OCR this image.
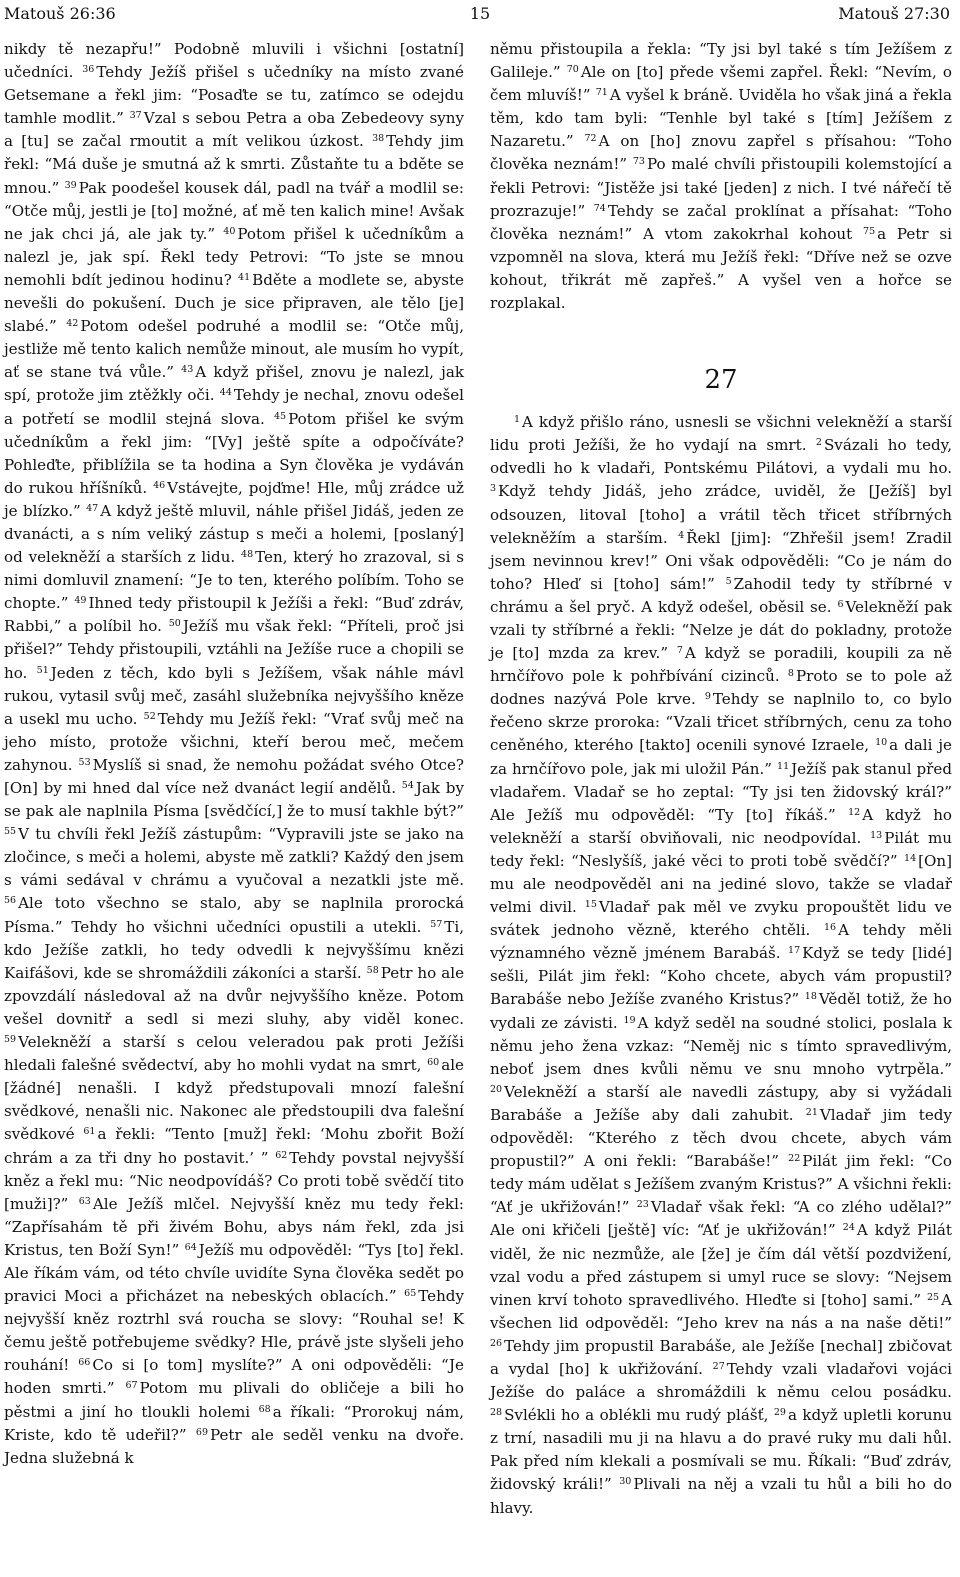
Matouš 26:36	15	Matouš 27:30

nikdy tě nezapřu!” Podobně mluvili i všichni [ostatní] učedníci. $^{36}$ Tehdy Ježíš přišel s učedníky na místo zvané Getsemane a řekl jim: “Posaďte se tu, zatímco se odejdu tamhle modlit.” $^{37}$ Vzal s sebou Petra a oba Zebedeovy syny a [tu] se začal rmoutit a mít velikou úzkost. $^{38}$ Tehdy jim řekl: “Má duše je smutná až k smrti. Zůstaňte tu a bděte se mnou.” $^{39}$ Pak poodešel kousek dál, padl na tvář a modlil se: “Otče můj, jestli je [to] možné, ať mě ten kalich mine! Avšak ne jak chci já, ale jak ty.” $^{40}$ Potom přišel k učedníkům a nalezl je, jak spí. Řekl tedy Petrovi: “To jste se mnou nemohli bdít jedinou hodinu? $^{41}$ Bděte a modlete se, abyste nevešli do pokušení. Duch je sice připraven, ale tělo [je] slabé.” $^{42}$ Potom odešel podruhé a modlil se: “Otče můj, jestliže mě tento kalich nemůže minout, ale musím ho vypít, ať se stane tvá vůle.” $^{43}$ A když přišel, znovu je nalezl, jak spí, protože jim ztěžkly oči. $^{44}$ Tehdy je nechal, znovu odešel a potřetí se modlil stejná slova. $^{45}$ Potom přišel ke svým učedníkům a řekl jim: “[Vy] ještě spíte a odpočíváte? Pohleďte, přiblížila se ta hodina a Syn člověka je vydáván do rukou hříšníků. $^{46}$ Vstávejte, pojďme! Hle, můj zrádce už je blízko.” $^{47}$ A když ještě mluvil, náhle přišel Jidáš, jeden ze dvanácti, a s ním veliký zástup s meči a holemi, [poslaný] od velekněží a starších z lidu. $^{48}$ Ten, který ho zrazoval, si s nimi domluvil znamení: “Je to ten, kterého políbím. Toho se chopte.” $^{49}$ Ihned tedy přistoupil k Ježíši a řekl: “Buď zdráv, Rabbi,” a políbil ho. $^{50}$ Ježíš mu však řekl: “Příteli, proč jsi přišel?” Tehdy přistoupili, vztáhli na Ježíše ruce a chopili se ho. $^{51}$ Jeden z těch, kdo byli s Ježíšem, však náhle mávl rukou, vytasil svůj meč, zasáhl služebníka nejvyššího kněze a usekl mu ucho. $^{52}$ Tehdy mu Ježíš řekl: “Vrať svůj meč na jeho místo, protože všichni, kteří berou meč, mečem zahynou. $^{53}$ Myslíš si snad, že nemohu požádat svého Otce? [On] by mi hned dal více než dvanáct legií andělů. $^{54}$ Jak by se pak ale naplnila Písma [svědčící,] že to musí takhle být?” $^{55}$ V tu chvíli řekl Ježíš zástupům: “Vypravili jste se jako na zločince, s meči a holemi, abyste mě zatkli? Každý den jsem s vámi sedával v chrámu a vyučoval a nezatkli jste mě. $^{56}$ Ale toto všechno se stalo, aby se naplnila prorocká Písma.” Tehdy ho všichni učedníci opustili a utekli. $^{57}$ Ti, kdo Ježíše zatkli, ho tedy odvedli k nejvyššímu knězi Kaifášovi, kde se shromáždili zákoníci a starší. $^{58}$ Petr ho ale zpovzdálí následoval až na dvůr nejvyššího kněze. Potom vešel dovnitř a sedl si mezi sluhy, aby viděl konec. $^{59}$ Velekněží a starší s celou veleradou pak proti Ježíši hledali falešné svědectví, aby ho mohli vydat na smrt, $^{60}$ ale [žádné] nenašli. I když předstupovali mnozí falešní svědkové, nenašli nic. Nakonec ale předstoupili dva falešní svědkové $^{61}$ a řekli: “Tento [muž] řekl: ‘Mohu zbořit Boží chrám a za tři dny ho postavit.’ ” $^{62}$ Tehdy povstal nejvyšší kněz a řekl mu: “Nic neodpovídáš? Co proti tobě svědčí tito [muži]?” $^{63}$ Ale Ježíš mlčel. Nejvyšší kněz mu tedy řekl: “Zapřísahám tě při živém Bohu, abys nám řekl, zda jsi Kristus, ten Boží Syn!” $^{64}$ Ježíš mu odpověděl: “Tys [to] řekl. Ale říkám vám, od této chvíle uvidíte Syna člověka sedět po pravici Moci a přicházet na nebeských oblacích.” $^{65}$ Tehdy nejvyšší kněz roztrhl svá roucha se slovy: “Rouhal se! K čemu ještě potřebujeme svědky? Hle, právě jste slyšeli jeho rouhání! $^{66}$ Co si [o tom] myslíte?” A oni odpověděli: “Je hoden smrti.” $^{67}$ Potom mu plivali do obličeje a bili ho pěstmi a jiní ho tloukli holemi $^{68}$ a říkali: “Prorokuj nám, Kriste, kdo tě udeřil?” $^{69}$ Petr ale seděl venku na dvoře. Jedna služebná k

němu přistoupila a řekla: “Ty jsi byl také s tím Ježíšem z Galileje.” $^{70}$ Ale on [to] přede všemi zapřel. Řekl: “Nevím, o čem mluvíš!” $^{71}$ A vyšel k bráně. Uviděla ho však jiná a řekla těm, kdo tam byli: “Tenhle byl také s [tím] Ježíšem z Nazaretu.” $^{72}$ A on [ho] znovu zapřel s přísahou: “Toho člověka neznám!” $^{73}$ Po malé chvíli přistoupili kolemstojící a řekli Petrovi: “Jistěže jsi také [jeden] z nich. I tvé nářečí tě prozrazuje!” $^{74}$ Tehdy se začal proklínat a přísahat: “Toho člověka neznám!” A vtom zakokrhal kohout $^{75}$ a Petr si vzpomněl na slova, která mu Ježíš řekl: “Dříve než se ozve kohout, třikrát mě zapřeš.” A vyšel ven a hořce se rozplakal.

27

$^1$ A když přišlo ráno, usnesli se všichni velekněží a starší lidu proti Ježíši, že ho vydají na smrt. $^2$ Svázali ho tedy, odvedli ho k vladaři, Pontskému Pilátovi, a vydali mu ho. $^3$ Když tehdy Jidáš, jeho zrádce, uviděl, že [Ježíš] byl odsouzen, litoval [toho] a vrátil těch třicet stříbrných velekněžím a starším. $^4$ Řekl [jim]: “Zhřešil jsem! Zradil jsem nevinnou krev!” Oni však odpověděli: “Co je nám do toho? Hleď si [toho] sám!” $^5$ Zahodil tedy ty stříbrné v chrámu a šel pryč. A když odešel, oběsil se. $^6$ Velekněží pak vzali ty stříbrné a řekli: “Nelze je dát do pokladny, protože je [to] mzda za krev.” $^7$ A když se poradili, koupili za ně hrnčířovo pole k pohřbívání cizinců. $^8$ Proto se to pole až dodnes nazývá Pole krve. $^9$ Tehdy se naplnilo to, co bylo řečeno skrze proroka: “Vzali třicet stříbrných, cenu za toho ceněného, kterého [takto] ocenili synové Izraele, $^{10}$ a dali je za hrnčířovo pole, jak mi uložil Pán.” $^{11}$ Ježíš pak stanul před vladařem. Vladař se ho zeptal: “Ty jsi ten židovský král?” Ale Ježíš mu odpověděl: “Ty [to] říkáš.” $^{12}$ A když ho velekněží a starší obviňovali, nic neodpovídal. $^{13}$ Pilát mu tedy řekl: “Neslyšíš, jaké věci to proti tobě svědčí?” $^{14}$ [On] mu ale neodpověděl ani na jediné slovo, takže se vladař velmi divil. $^{15}$ Vladař pak měl ve zvyku propouštět lidu ve svátek jednoho vězně, kterého chtěli. $^{16}$ A tehdy měli významného vězně jménem Barabáš. $^{17}$ Když se tedy [lidé] sešli, Pilát jim řekl: “Koho chcete, abych vám propustil? Barabáše nebo Ježíše zvaného Kristus?” $^{18}$ Věděl totiž, že ho vydali ze závisti. $^{19}$ A když seděl na soudné stolici, poslala k němu jeho žena vzkaz: “Neměj nic s tímto spravedlivým, neboť jsem dnes kvůli němu ve snu mnoho vytrpěla.” $^{20}$ Velekněží a starší ale navedli zástupy, aby si vyžádali Barabáše a Ježíše aby dali zahubit. $^{21}$ Vladař jim tedy odpověděl: “Kterého z těch dvou chcete, abych vám propustil?” A oni řekli: “Barabáše!” $^{22}$ Pilát jim řekl: “Co tedy mám udělat s Ježíšem zvaným Kristus?” A všichni řekli: “Ať je ukřižován!” $^{23}$ Vladař však řekl: “A co zlého udělal?” Ale oni křičeli [ještě] víc: “Ať je ukřižován!” $^{24}$ A když Pilát viděl, že nic nezmůže, ale [že] je čím dál větší pozdvižení, vzal vodu a před zástupem si umyl ruce se slovy: “Nejsem vinen krví tohoto spravedlivého. Hleďte si [toho] sami.” $^{25}$ A všechen lid odpověděl: “Jeho krev na nás a na naše děti!” $^{26}$ Tehdy jim propustil Barabáše, ale Ježíše [nechal] zbičovat a vydal [ho] k ukřižování. $^{27}$ Tehdy vzali vladařovi vojáci Ježíše do paláce a shromáždili k němu celou posádku. $^{28}$ Svlékli ho a oblékli mu rudý plášť, $^{29}$ a když upletli korunu z trní, nasadili mu ji na hlavu a do pravé ruky mu dali hůl. Pak před ním klekali a posmívali se mu. Říkali: “Buď zdráv, židovský králi!” $^{30}$ Plivali na něj a vzali tu hůl a bili ho do hlavy.
